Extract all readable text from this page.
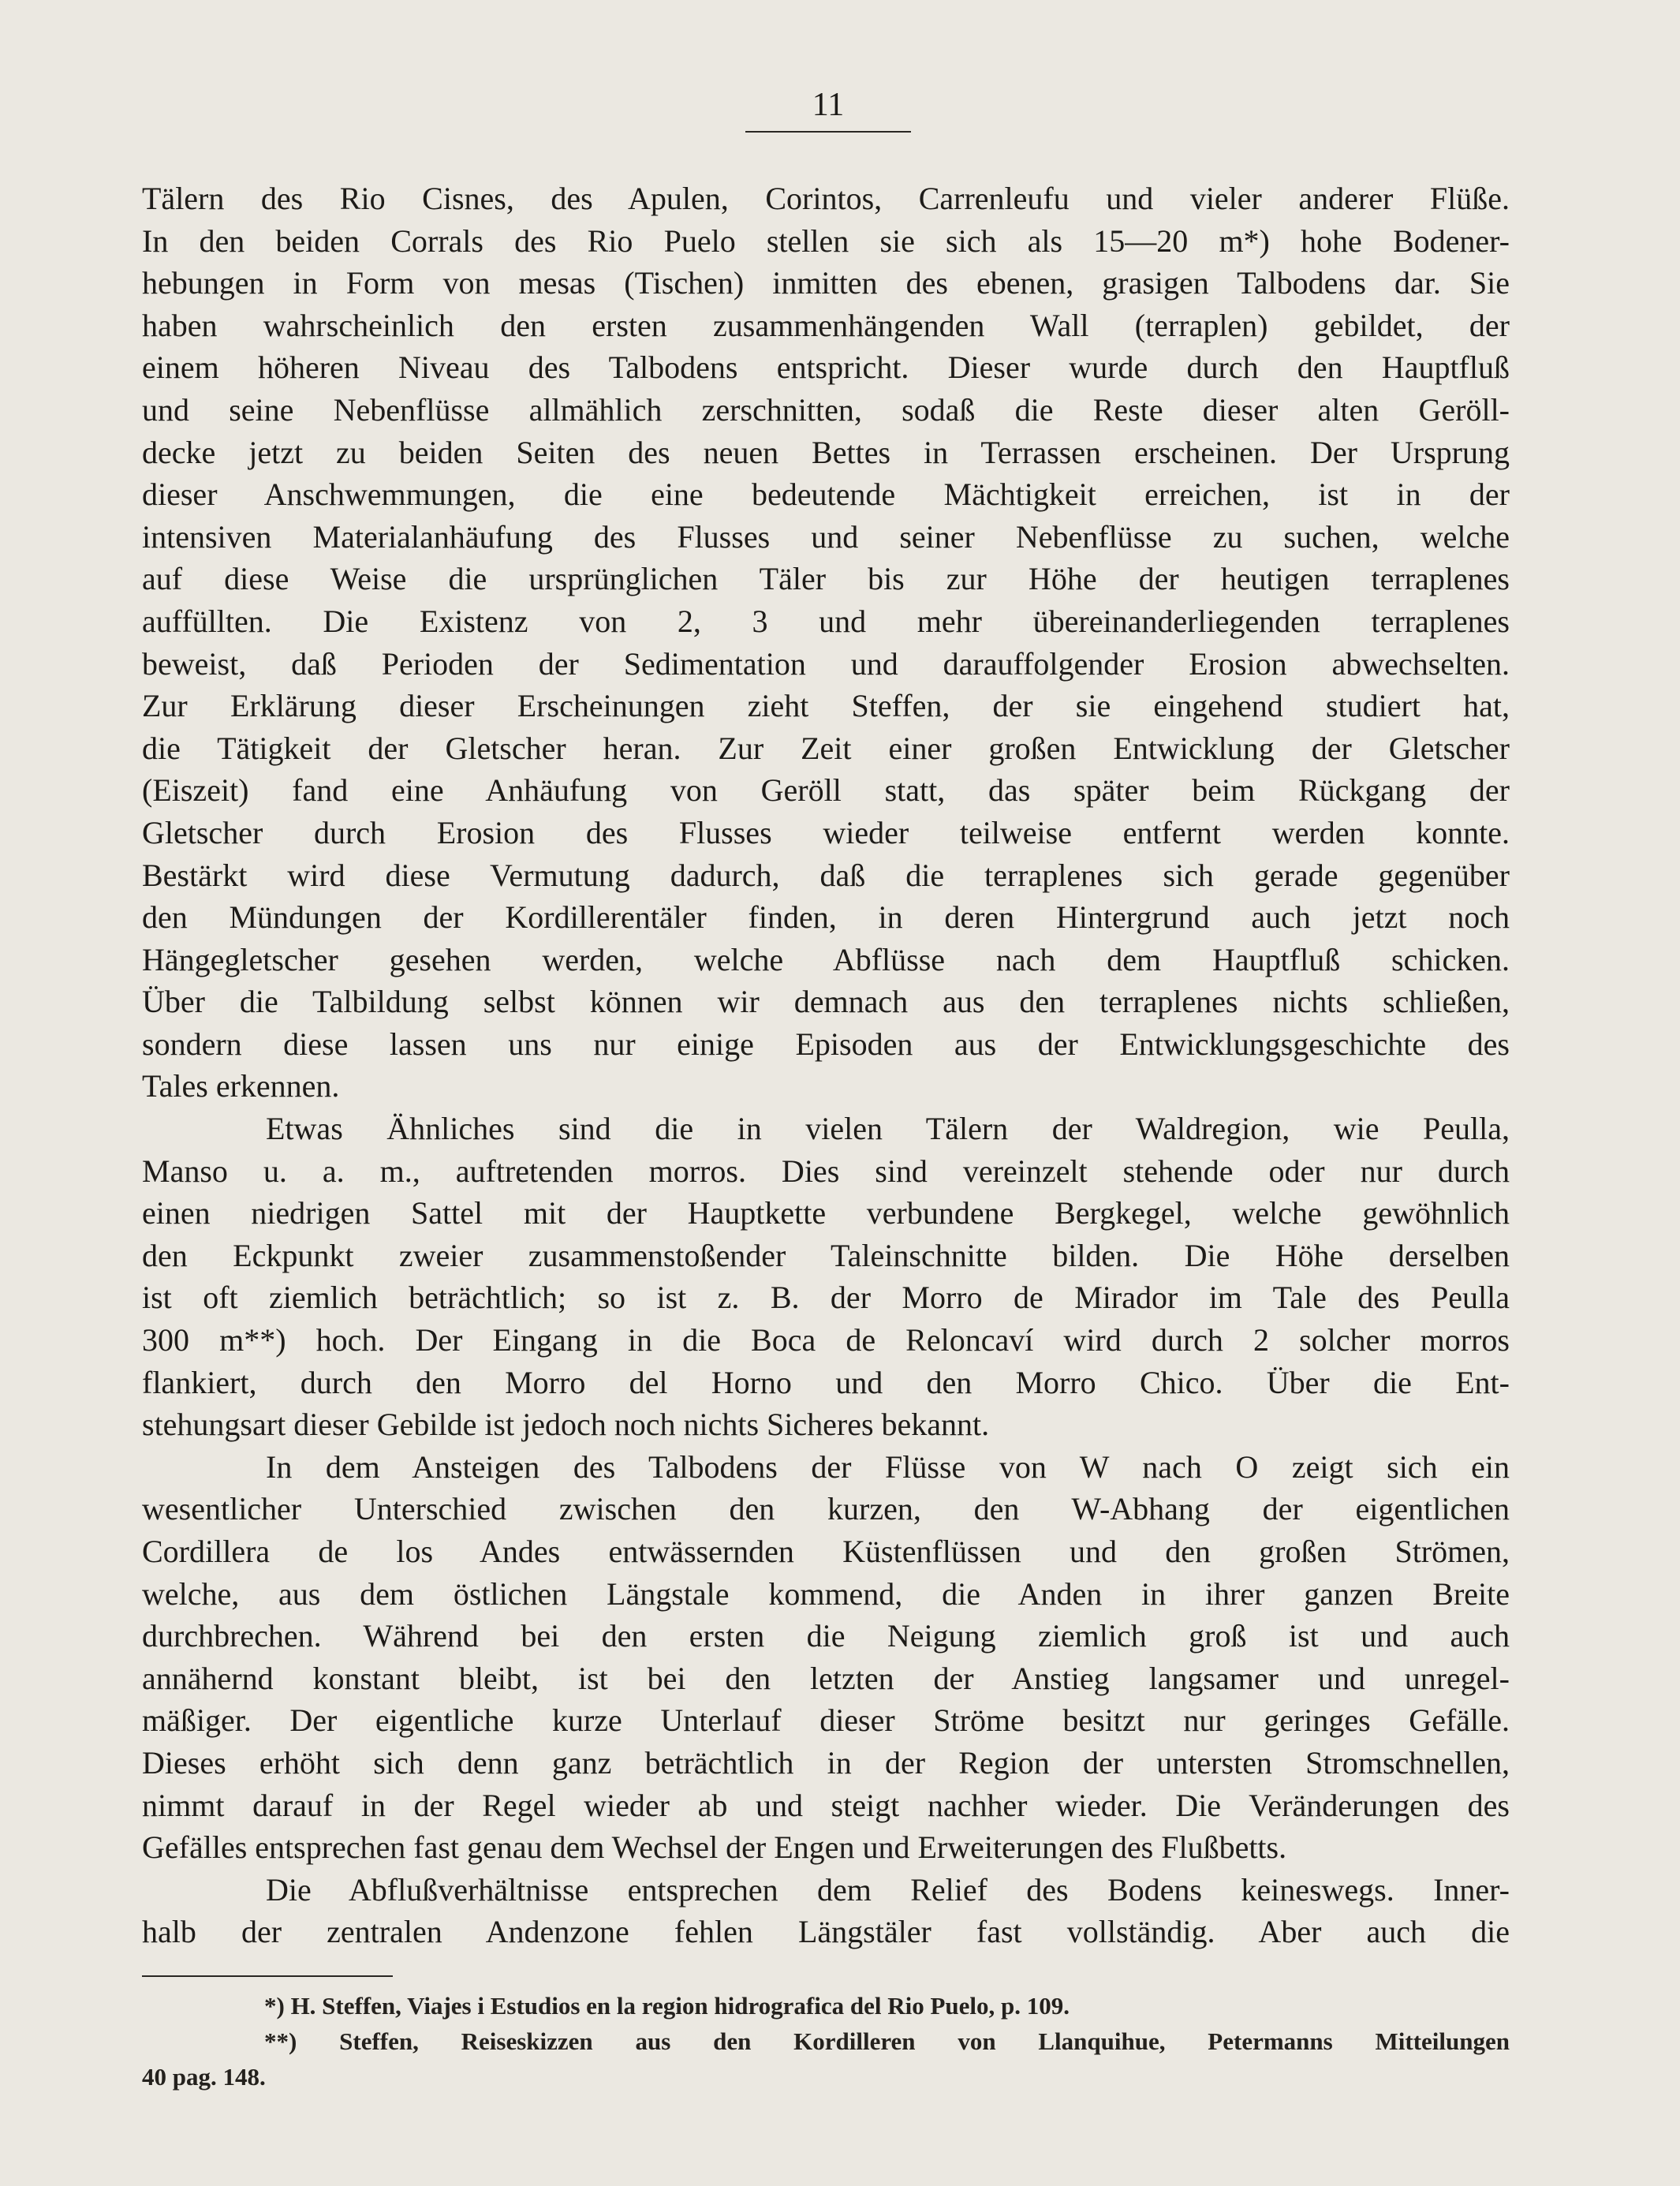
11
Tälern des Rio Cisnes, des Apulen, Corintos, Carrenleufu und vieler anderer Flüße.
In den beiden Corrals des Rio Puelo stellen sie sich als 15—20 m*) hohe Bodener-
hebungen in Form von mesas (Tischen) inmitten des ebenen, grasigen Talbodens dar. Sie
haben wahrscheinlich den ersten zusammenhängenden Wall (terraplen) gebildet, der
einem höheren Niveau des Talbodens entspricht. Dieser wurde durch den Hauptfluß
und seine Nebenflüsse allmählich zerschnitten, sodaß die Reste dieser alten Geröll-
decke jetzt zu beiden Seiten des neuen Bettes in Terrassen erscheinen. Der Ursprung
dieser Anschwemmungen, die eine bedeutende Mächtigkeit erreichen, ist in der
intensiven Materialanhäufung des Flusses und seiner Nebenflüsse zu suchen, welche
auf diese Weise die ursprünglichen Täler bis zur Höhe der heutigen terraplenes
auffüllten. Die Existenz von 2, 3 und mehr übereinanderliegenden terraplenes
beweist, daß Perioden der Sedimentation und darauffolgender Erosion abwechselten.
Zur Erklärung dieser Erscheinungen zieht Steffen, der sie eingehend studiert hat,
die Tätigkeit der Gletscher heran. Zur Zeit einer großen Entwicklung der Gletscher
(Eiszeit) fand eine Anhäufung von Geröll statt, das später beim Rückgang der
Gletscher durch Erosion des Flusses wieder teilweise entfernt werden konnte.
Bestärkt wird diese Vermutung dadurch, daß die terraplenes sich gerade gegenüber
den Mündungen der Kordillerentäler finden, in deren Hintergrund auch jetzt noch
Hängegletscher gesehen werden, welche Abflüsse nach dem Hauptfluß schicken.
Über die Talbildung selbst können wir demnach aus den terraplenes nichts schließen,
sondern diese lassen uns nur einige Episoden aus der Entwicklungsgeschichte des
Tales erkennen.
Etwas Ähnliches sind die in vielen Tälern der Waldregion, wie Peulla,
Manso u. a. m., auftretenden morros. Dies sind vereinzelt stehende oder nur durch
einen niedrigen Sattel mit der Hauptkette verbundene Bergkegel, welche gewöhnlich
den Eckpunkt zweier zusammenstoßender Taleinschnitte bilden. Die Höhe derselben
ist oft ziemlich beträchtlich; so ist z. B. der Morro de Mirador im Tale des Peulla
300 m**) hoch. Der Eingang in die Boca de Reloncaví wird durch 2 solcher morros
flankiert, durch den Morro del Horno und den Morro Chico. Über die Ent-
stehungsart dieser Gebilde ist jedoch noch nichts Sicheres bekannt.
In dem Ansteigen des Talbodens der Flüsse von W nach O zeigt sich ein
wesentlicher Unterschied zwischen den kurzen, den W-Abhang der eigentlichen
Cordillera de los Andes entwässernden Küstenflüssen und den großen Strömen,
welche, aus dem östlichen Längstale kommend, die Anden in ihrer ganzen Breite
durchbrechen. Während bei den ersten die Neigung ziemlich groß ist und auch
annähernd konstant bleibt, ist bei den letzten der Anstieg langsamer und unregel-
mäßiger. Der eigentliche kurze Unterlauf dieser Ströme besitzt nur geringes Gefälle.
Dieses erhöht sich denn ganz beträchtlich in der Region der untersten Stromschnellen,
nimmt darauf in der Regel wieder ab und steigt nachher wieder. Die Veränderungen des
Gefälles entsprechen fast genau dem Wechsel der Engen und Erweiterungen des Flußbetts.
Die Abflußverhältnisse entsprechen dem Relief des Bodens keineswegs. Inner-
halb der zentralen Andenzone fehlen Längstäler fast vollständig. Aber auch die
*) H. Steffen, Viajes i Estudios en la region hidrografica del Rio Puelo, p. 109.
**) Steffen, Reiseskizzen aus den Kordilleren von Llanquihue, Petermanns Mitteilungen
40 pag. 148.
